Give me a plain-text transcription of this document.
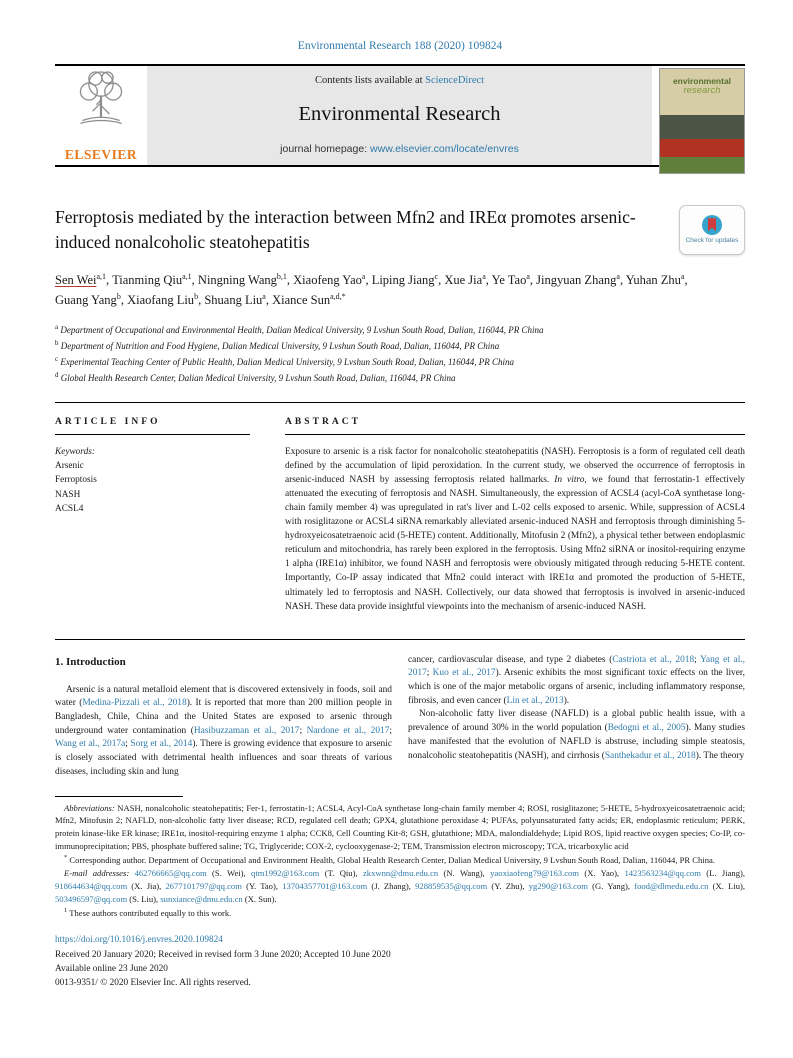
Environmental Research 188 (2020) 109824
ELSEVIER
Contents lists available at ScienceDirect
Environmental Research
journal homepage: www.elsevier.com/locate/envres
environmental
research
Ferroptosis mediated by the interaction between Mfn2 and IREα promotes arsenic-induced nonalcoholic steatohepatitis	Check for updates
Sen Wei$^{a,1}$, Tianming Qiu$^{a,1}$, Ningning Wang$^{b,1}$, Xiaofeng Yao$^a$, Liping Jiang$^c$, Xue Jia$^a$, Ye Tao$^a$, Jingyuan Zhang$^a$, Yuhan Zhu$^a$, Guang Yang$^b$, Xiaofang Liu$^b$, Shuang Liu$^a$, Xiance Sun$^{a,d,*}$
$^a$ Department of Occupational and Environmental Health, Dalian Medical University, 9 Lvshun South Road, Dalian, 116044, PR China
$^b$ Department of Nutrition and Food Hygiene, Dalian Medical University, 9 Lvshun South Road, Dalian, 116044, PR China
$^c$ Experimental Teaching Center of Public Health, Dalian Medical University, 9 Lvshun South Road, Dalian, 116044, PR China
$^d$ Global Health Research Center, Dalian Medical University, 9 Lvshun South Road, Dalian, 116044, PR China
ARTICLE INFO
Keywords:
Arsenic
Ferroptosis
NASH
ACSL4
ABSTRACT

Exposure to arsenic is a risk factor for nonalcoholic steatohepatitis (NASH). Ferroptosis is a form of regulated cell death defined by the accumulation of lipid peroxidation. In the current study, we observed the occurrence of ferroptosis in arsenic-induced NASH by assessing ferroptosis related hallmarks. In vitro, we found that ferrostatin-1 effectively attenuated the executing of ferroptosis and NASH. Simultaneously, the expression of ACSL4 (acyl-CoA synthetase long-chain family member 4) was upregulated in rat's liver and L-02 cells exposed to arsenic. While, suppression of ACSL4 with rosiglitazone or ACSL4 siRNA remarkably alleviated arsenic-induced NASH and ferroptosis through diminishing 5-hydroxyeicosatetraenoic acid (5-HETE) content. Additionally, Mitofusin 2 (Mfn2), a physical tether between endoplasmic reticulum and mitochondria, has rarely been explored in the ferroptosis. Using Mfn2 siRNA or inositol-requiring enzyme 1 alpha (IRE1α) inhibitor, we found NASH and ferroptosis were obviously mitigated through reducing 5-HETE content. Importantly, Co-IP assay indicated that Mfn2 could interact with IRE1α and promoted the production of 5-HETE, ultimately led to ferroptosis and NASH. Collectively, our data showed that ferroptosis is involved in arsenic-induced NASH. These data provide insightful viewpoints into the mechanism of arsenic-induced NASH.

1. Introduction

Arsenic is a natural metalloid element that is discovered extensively in foods, soil and water (Medina-Pizzali et al., 2018). It is reported that more than 200 million people in Bangladesh, Chile, China and the United States are exposed to arsenic through underground water contamination (Hasibuzzaman et al., 2017; Nardone et al., 2017; Wang et al., 2017a; Sorg et al., 2014). There is growing evidence that exposure to arsenic is closely associated with detrimental health influences and soar threats of various diseases, including skin and lung

cancer, cardiovascular disease, and type 2 diabetes (Castriota et al., 2018; Yang et al., 2017; Kuo et al., 2017). Arsenic exhibits the most significant toxic effects on the liver, which is one of the major metabolic organs of arsenic, including inflammatory response, fibrosis, and even cancer (Lin et al., 2013).

Non-alcoholic fatty liver disease (NAFLD) is a global public health issue, with a prevalence of around 30% in the world population (Bedogni et al., 2005). Many studies have manifested that the evolution of NAFLD is abstruse, including simple steatosis, nonalcoholic steatohepatitis (NASH), and cirrhosis (Santhekadur et al., 2018). The theory

Abbreviations: NASH, nonalcoholic steatohepatitis; Fer-1, ferrostatin-1; ACSL4, Acyl-CoA synthetase long-chain family member 4; ROSI, rosiglitazone; 5-HETE, 5-hydroxyeicosatetraenoic acid; Mfn2, Mitofusin 2; NAFLD, non-alcoholic fatty liver disease; RCD, regulated cell death; GPX4, glutathione peroxidase 4; PUFAs, polyunsaturated fatty acids; ER, endoplasmic reticulum; PERK, protein kinase-like ER kinase; IRE1α, inositol-requiring enzyme 1 alpha; CCK8, Cell Counting Kit-8; GSH, glutathione; MDA, malondialdehyde; Lipid ROS, lipid reactive oxygen species; Co-IP, co-immunoprecipitation; PBS, phosphate buffered saline; TG, Triglyceride; COX-2, cyclooxygenase-2; TEM, Transmission electron microscopy; TCA, tricarboxylic acid

* Corresponding author. Department of Occupational and Environment Health, Global Health Research Center, Dalian Medical University, 9 Lvshun South Road, Dalian, 116044, PR China.

E-mail addresses: 462766665@qq.com (S. Wei), qtm1992@163.com (T. Qiu), zkxwnn@dmu.edu.cn (N. Wang), yaoxiaofeng79@163.com (X. Yao), 1423563234@qq.com (L. Jiang), 918644634@qq.com (X. Jia), 2677101797@qq.com (Y. Tao), 13704357701@163.com (J. Zhang), 928859535@qq.com (Y. Zhu), yg290@163.com (G. Yang), food@dlmedu.edu.cn (X. Liu), 503496597@qq.com (S. Liu), sunxiance@dmu.edu.cn (X. Sun).

$^1$ These authors contributed equally to this work.

https://doi.org/10.1016/j.envres.2020.109824
Received 20 January 2020; Received in revised form 3 June 2020; Accepted 10 June 2020
Available online 23 June 2020
0013-9351/ © 2020 Elsevier Inc. All rights reserved.
